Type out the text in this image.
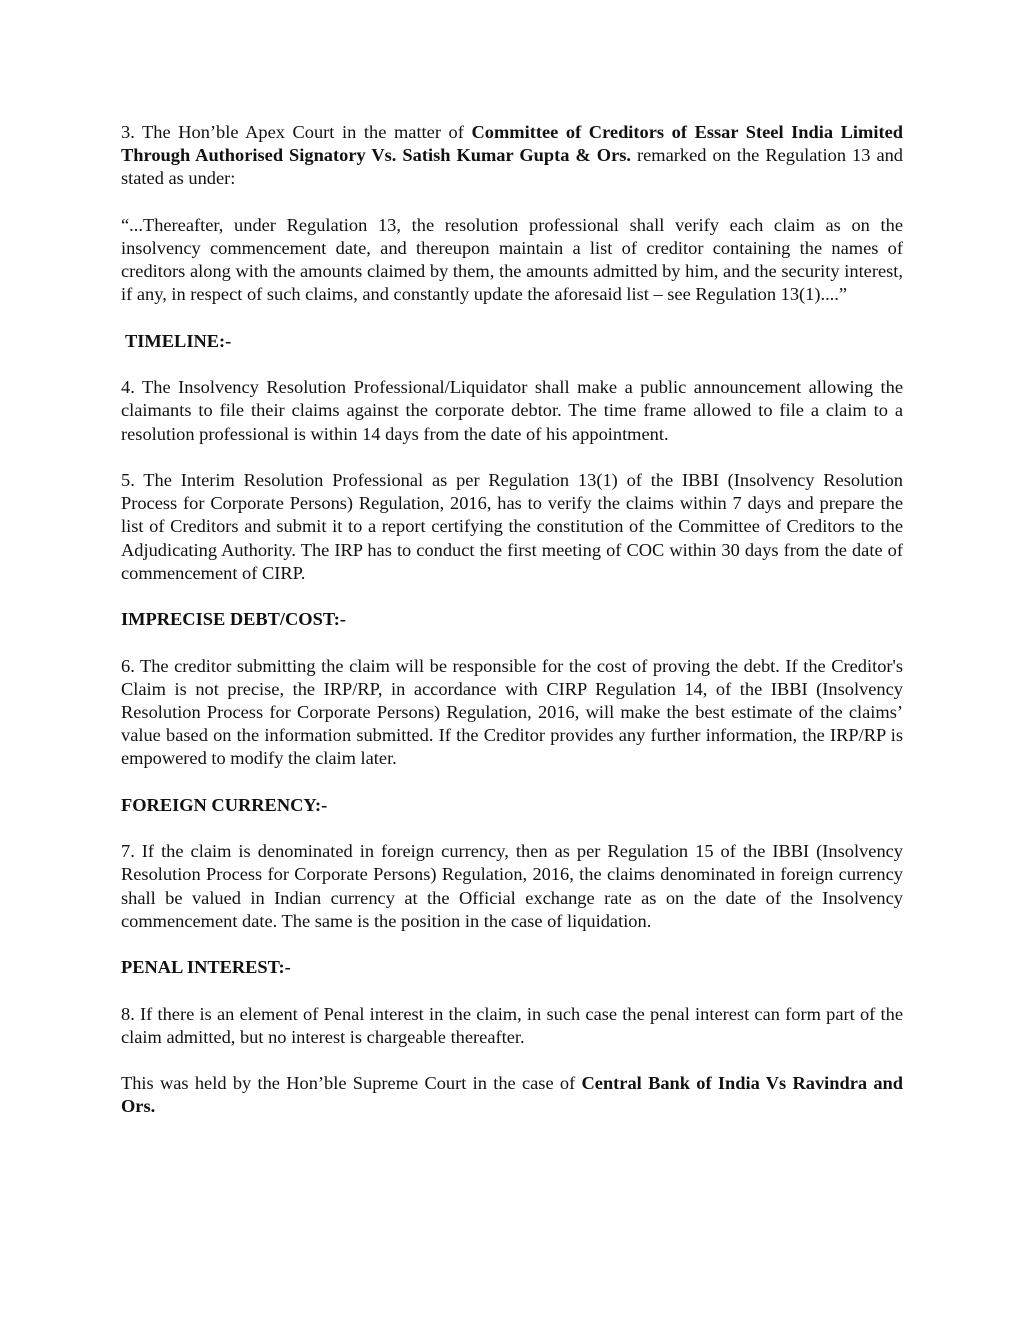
3. The Hon’ble Apex Court in the matter of Committee of Creditors of Essar Steel India Limited Through Authorised Signatory Vs. Satish Kumar Gupta & Ors. remarked on the Regulation 13 and stated as under:

“...Thereafter, under Regulation 13, the resolution professional shall verify each claim as on the insolvency commencement date, and thereupon maintain a list of creditor containing the names of creditors along with the amounts claimed by them, the amounts admitted by him, and the security interest, if any, in respect of such claims, and constantly update the aforesaid list – see Regulation 13(1)....”

TIMELINE:-

4. The Insolvency Resolution Professional/Liquidator shall make a public announcement allowing the claimants to file their claims against the corporate debtor. The time frame allowed to file a claim to a resolution professional is within 14 days from the date of his appointment.

5. The Interim Resolution Professional as per Regulation 13(1) of the IBBI (Insolvency Resolution Process for Corporate Persons) Regulation, 2016, has to verify the claims within 7 days and prepare the list of Creditors and submit it to a report certifying the constitution of the Committee of Creditors to the Adjudicating Authority. The IRP has to conduct the first meeting of COC within 30 days from the date of commencement of CIRP.

IMPRECISE DEBT/COST:-

6. The creditor submitting the claim will be responsible for the cost of proving the debt. If the Creditor's Claim is not precise, the IRP/RP, in accordance with CIRP Regulation 14, of the IBBI (Insolvency Resolution Process for Corporate Persons) Regulation, 2016, will make the best estimate of the claims’ value based on the information submitted. If the Creditor provides any further information, the IRP/RP is empowered to modify the claim later.

FOREIGN CURRENCY:-

7. If the claim is denominated in foreign currency, then as per Regulation 15 of the IBBI (Insolvency Resolution Process for Corporate Persons) Regulation, 2016, the claims denominated in foreign currency shall be valued in Indian currency at the Official exchange rate as on the date of the Insolvency commencement date. The same is the position in the case of liquidation.

PENAL INTEREST:-

8. If there is an element of Penal interest in the claim, in such case the penal interest can form part of the claim admitted, but no interest is chargeable thereafter.

This was held by the Hon’ble Supreme Court in the case of Central Bank of India Vs Ravindra and Ors.
